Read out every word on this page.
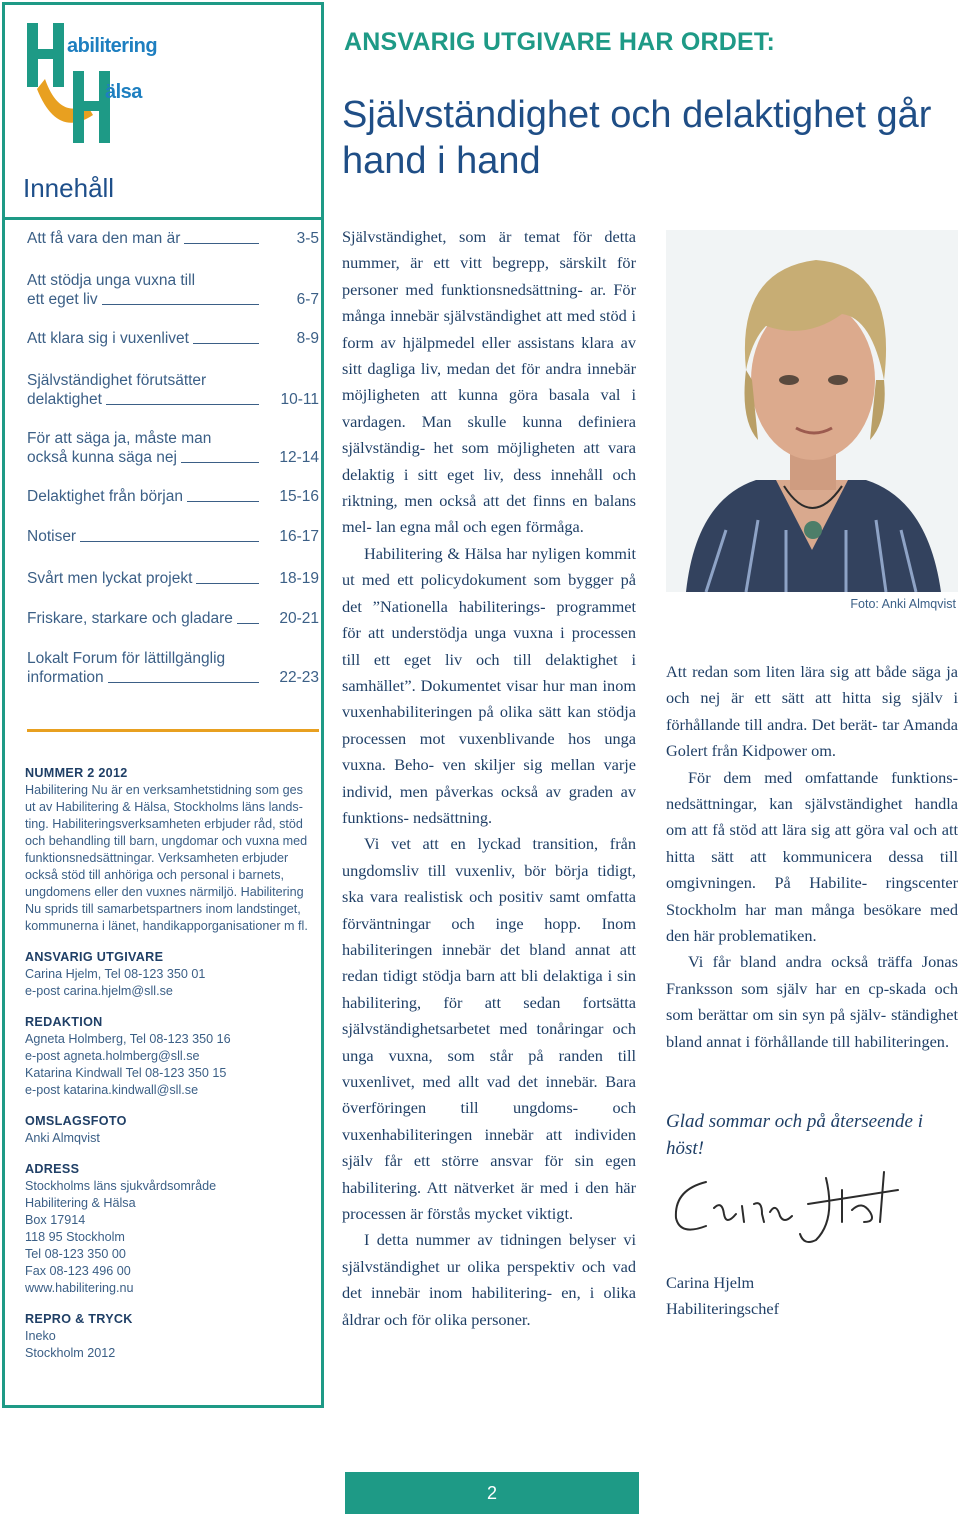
abilitering
älsa
Innehåll
Att få vara den man är	3-5
Att stödja unga vuxna till
ett eget liv	6-7
Att klara sig i vuxenlivet	8-9
Självständighet förutsätter
delaktighet	10-11
För att säga ja, måste man
också kunna säga nej	12-14
Delaktighet från början	15-16
Notiser	16-17
Svårt men lyckat projekt	18-19
Friskare, starkare och gladare	20-21
Lokalt Forum för lättillgänglig
information	22-23
NUMMER 2 2012
Habilitering Nu är en verksamhetstidning som ges
ut av Habilitering & Hälsa, Stockholms läns lands-
ting. Habiliteringsverksamheten erbjuder råd, stöd
och behandling till barn, ungdomar och vuxna med
funktionsnedsättningar. Verksamheten erbjuder
också stöd till anhöriga och personal i barnets,
ungdomens eller den vuxnes närmiljö. Habilitering
Nu sprids till samarbetspartners inom landstinget,
kommunerna i länet, handikapporganisationer m fl.
ANSVARIG UTGIVARE
Carina Hjelm, Tel 08-123 350 01
e-post carina.hjelm@sll.se
REDAKTION
Agneta Holmberg, Tel 08-123 350 16
e-post agneta.holmberg@sll.se
Katarina Kindwall Tel 08-123 350 15
e-post katarina.kindwall@sll.se
OMSLAGSFOTO
Anki Almqvist
ADRESS
Stockholms läns sjukvårdsområde
Habilitering & Hälsa
Box 17914
118 95 Stockholm
Tel 08-123 350 00
Fax 08-123 496 00
www.habilitering.nu
REPRO & TRYCK
Ineko
Stockholm 2012
ANSVARIG UTGIVARE HAR ORDET:
Självständighet och delaktighet går hand i hand

Självständighet, som är temat för detta nummer, är ett vitt begrepp, särskilt för personer med funktionsnedsättning- ar. För många innebär självständighet att med stöd i form av hjälpmedel eller assistans klara av sitt dagliga liv, medan det för andra innebär möjligheten att kunna göra basala val i vardagen. Man skulle kunna definiera självständig- het som möjligheten att vara delaktig i sitt eget liv, dess innehåll och riktning, men också att det finns en balans mel- lan egna mål och egen förmåga.

Habilitering & Hälsa har nyligen kommit ut med ett policydokument som bygger på det ”Nationella habiliterings- programmet för att understödja unga vuxna i processen till ett eget liv och till delaktighet i samhället”. Dokumentet visar hur man inom vuxenhabiliteringen på olika sätt kan stödja processen mot vuxenblivande hos unga vuxna. Beho- ven skiljer sig mellan varje individ, men påverkas också av graden av funktions- nedsättning.

Vi vet att en lyckad transition, från ungdomsliv till vuxenliv, bör börja tidigt, ska vara realistisk och positiv samt omfatta förväntningar och inge hopp. Inom habiliteringen innebär det bland annat att redan tidigt stödja barn att bli delaktiga i sin habilitering, för att sedan fortsätta självständighetsarbetet med tonåringar och unga vuxna, som står på randen till vuxenlivet, med allt vad det innebär. Bara överföringen till ungdoms- och vuxenhabiliteringen innebär att individen själv får ett större ansvar för sin egen habilitering. Att nätverket är med i den här processen är förstås mycket viktigt.

I detta nummer av tidningen belyser vi självständighet ur olika perspektiv och vad det innebär inom habilitering- en, i olika åldrar och för olika personer.

Foto: Anki Almqvist

Att redan som liten lära sig att både säga ja och nej är ett sätt att hitta sig själv i förhållande till andra. Det berät- tar Amanda Golert från Kidpower om.

För dem med omfattande funktions- nedsättningar, kan självständighet handla om att få stöd att lära sig att göra val och att hitta sätt att kommunicera dessa till omgivningen. På Habilite- ringscenter Stockholm har man många besökare med den här problematiken.

Vi får bland andra också träffa Jonas Franksson som själv har en cp-skada och som berättar om sin syn på själv- ständighet bland annat i förhållande till habiliteringen.

Glad sommar och på återseende i höst!
Carina Hjelm
Habiliteringschef
2
